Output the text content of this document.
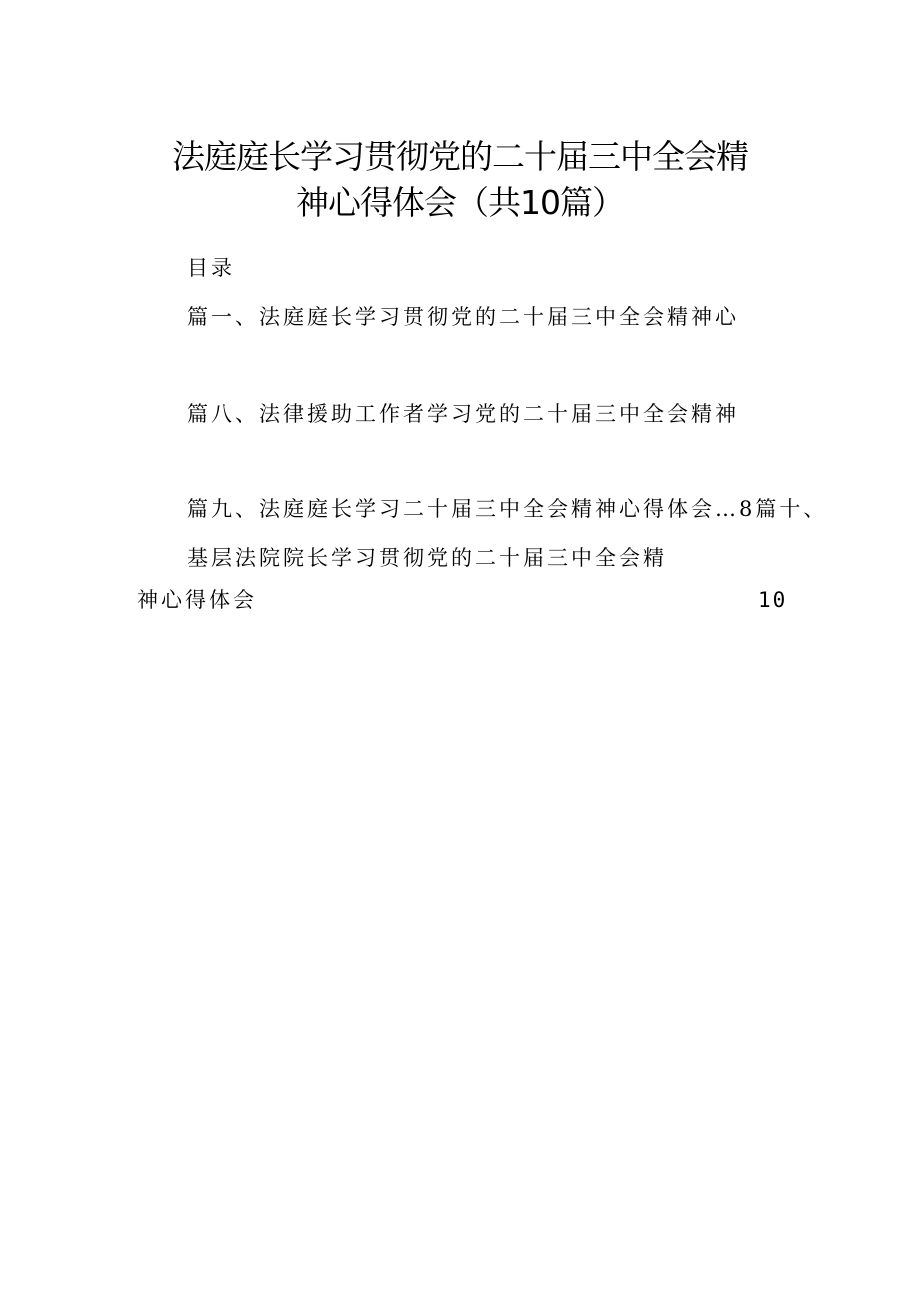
法庭庭长学习贯彻党的二十届三中全会精
神心得体会（共10篇）
目录
篇一、法庭庭长学习贯彻党的二十届三中全会精神心
篇八、法律援助工作者学习党的二十届三中全会精神
篇九、法庭庭长学习二十届三中全会精神心得体会…8篇十、
基层法院院长学习贯彻党的二十届三中全会精
神心得体会	10
